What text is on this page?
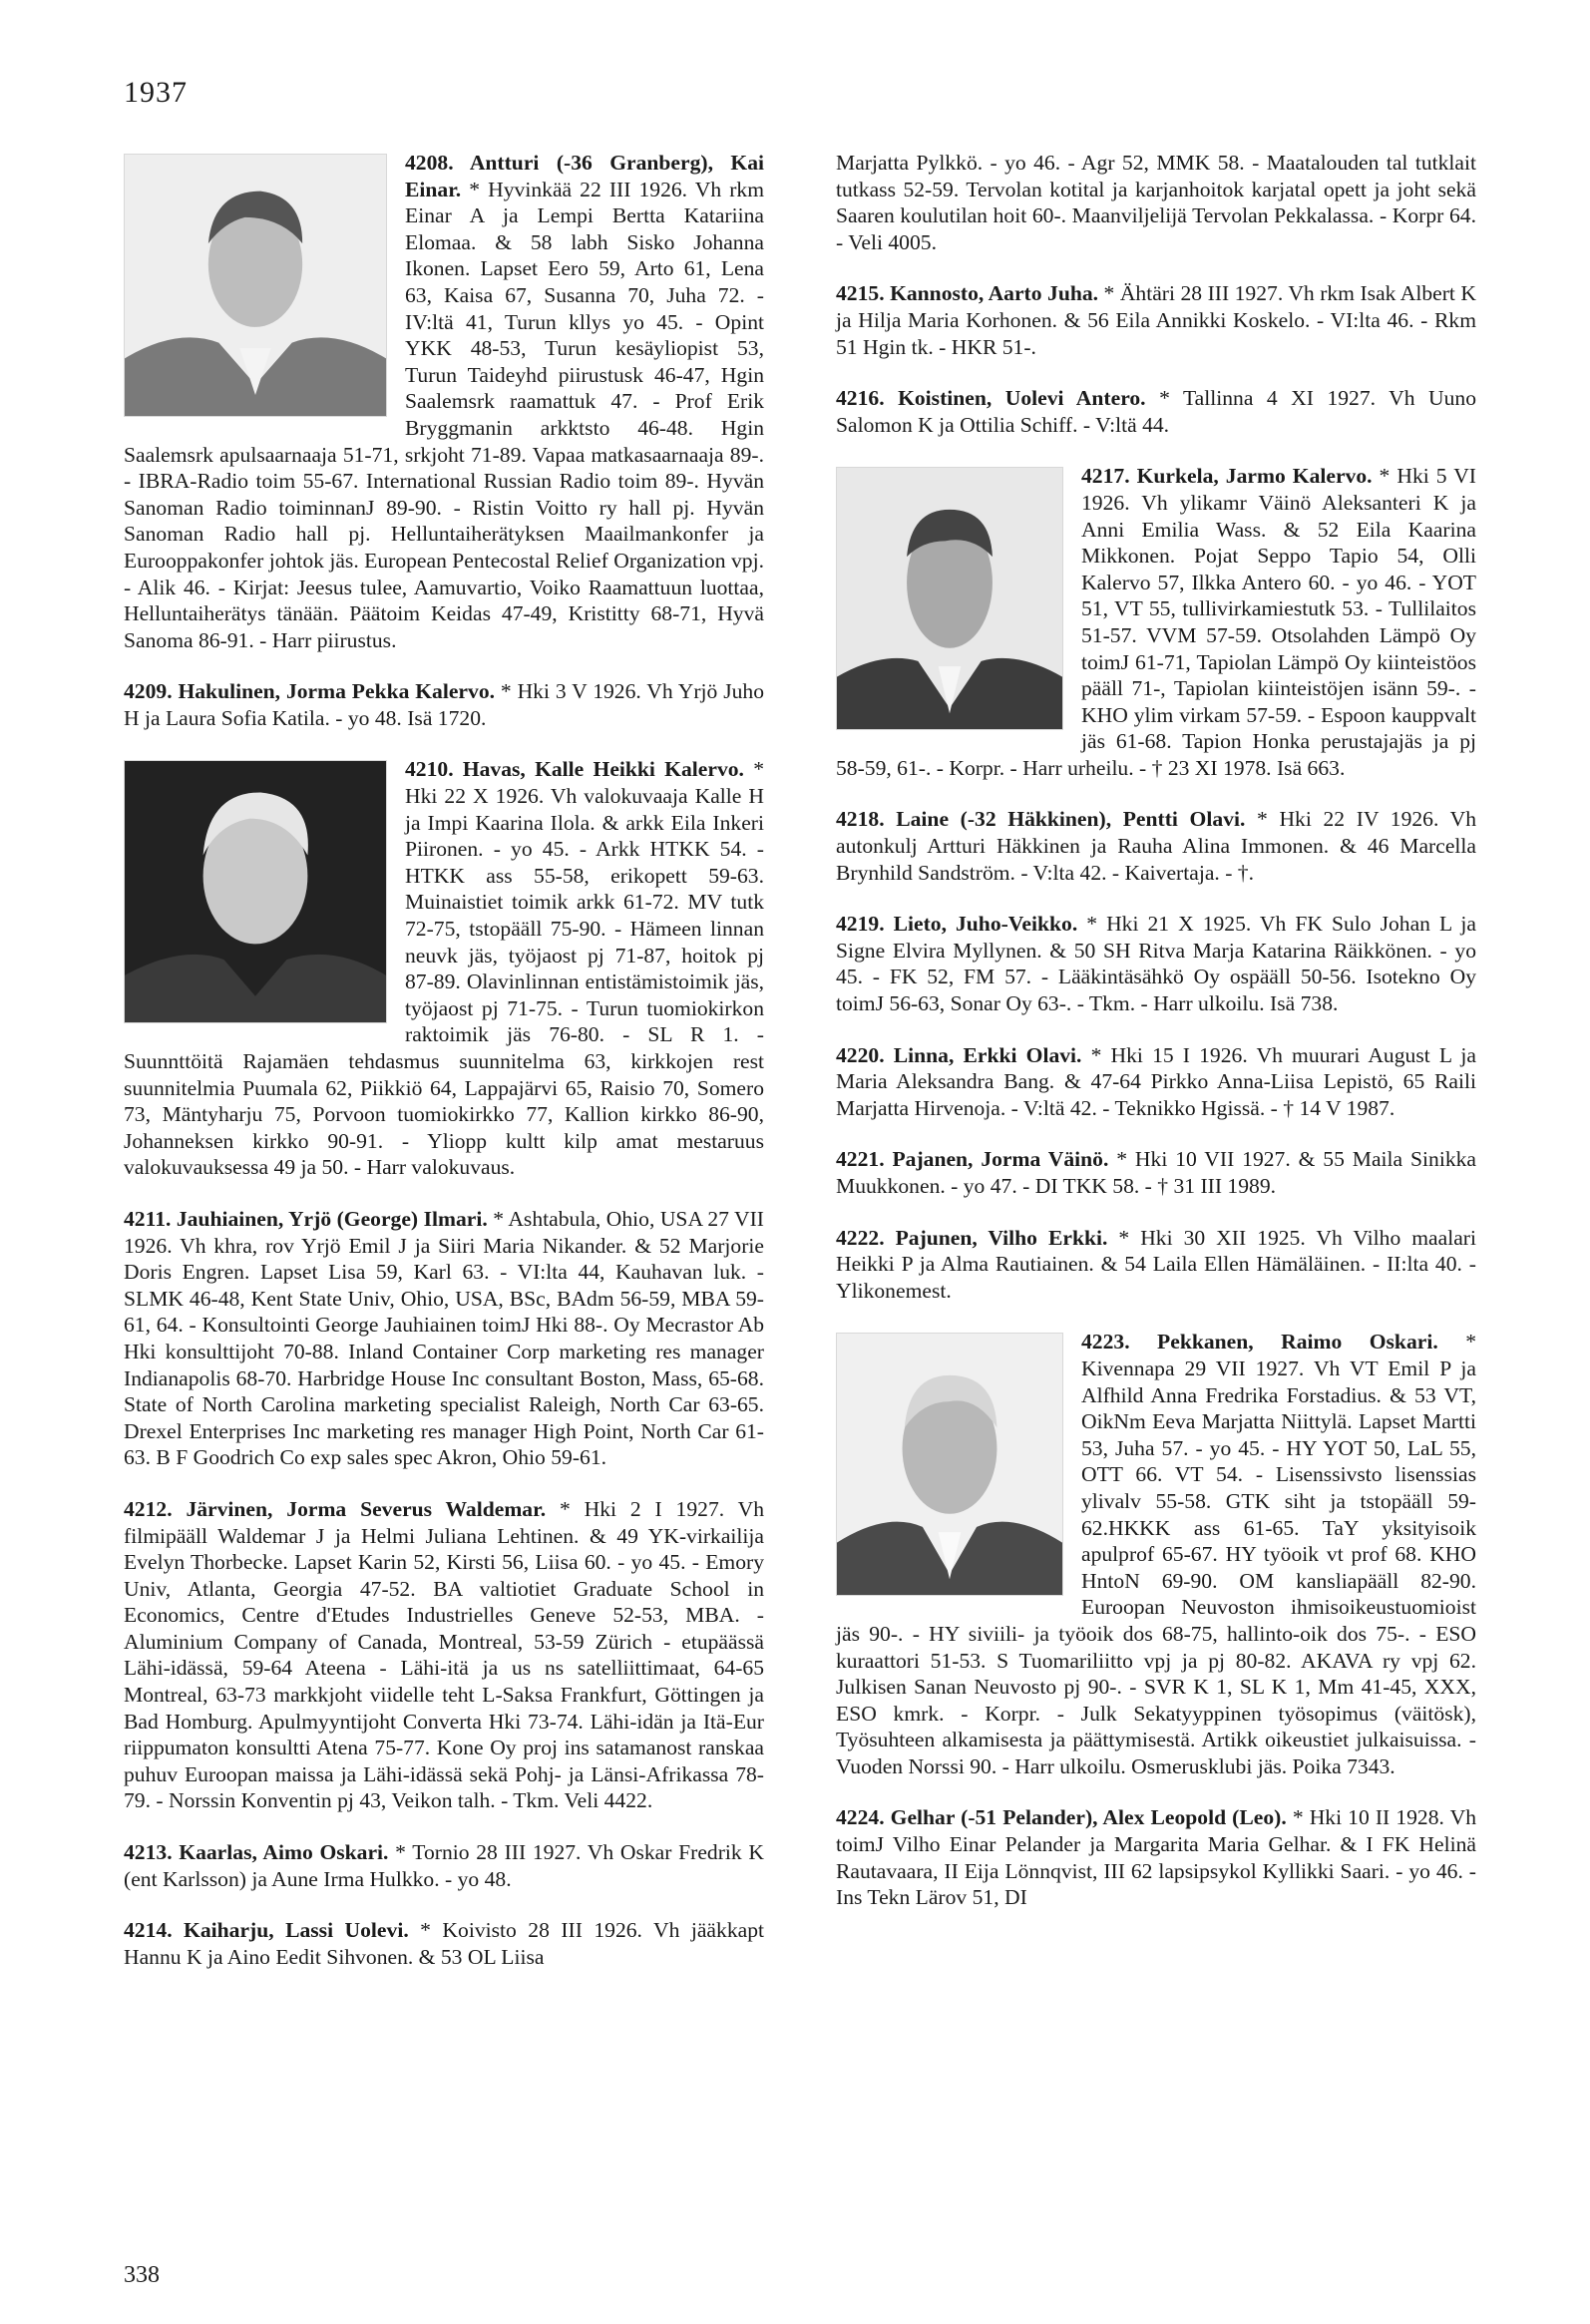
1937
4208. Antturi (-36 Granberg), Kai Einar. * Hyvinkää 22 III 1926. Vh rkm Einar A ja Lempi Bertta Katariina Elomaa. & 58 labh Sisko Johanna Ikonen. Lapset Eero 59, Arto 61, Lena 63, Kaisa 67, Susanna 70, Juha 72. - IV:ltä 41, Turun kllys yo 45. - Opint YKK 48-53, Turun kesäyliopist 53, Turun Taideyhd piirustusk 46-47, Hgin Saalemsrk raamattuk 47. - Prof Erik Bryggmanin arkktsto 46-48. Hgin Saalemsrk apulsaarnaaja 51-71, srkjoht 71-89. Vapaa matkasaarnaaja 89-. - IBRA-Radio toim 55-67. International Russian Radio toim 89-. Hyvän Sanoman Radio toiminnanJ 89-90. - Ristin Voitto ry hall pj. Hyvän Sanoman Radio hall pj. Helluntaiherätyksen Maailmankonfer ja Eurooppakonfer johtok jäs. European Pentecostal Relief Organization vpj. - Alik 46. - Kirjat: Jeesus tulee, Aamuvartio, Voiko Raamattuun luottaa, Helluntaiherätys tänään. Päätoim Keidas 47-49, Kristitty 68-71, Hyvä Sanoma 86-91. - Harr piirustus.
4209. Hakulinen, Jorma Pekka Kalervo. * Hki 3 V 1926. Vh Yrjö Juho H ja Laura Sofia Katila. - yo 48. Isä 1720.
4210. Havas, Kalle Heikki Kalervo. * Hki 22 X 1926. Vh valokuvaaja Kalle H ja Impi Kaarina Ilola. & arkk Eila Inkeri Piironen. - yo 45. - Arkk HTKK 54. - HTKK ass 55-58, erikopett 59-63. Muinaistiet toimik arkk 61-72. MV tutk 72-75, tstopääll 75-90. - Hämeen linnan neuvk jäs, työjaost pj 71-87, hoitok pj 87-89. Olavinlinnan entistämistoimik jäs, työjaost pj 71-75. - Turun tuomiokirkon raktoimik jäs 76-80. - SL R 1. - Suunnttöitä Rajamäen tehdasmus suunnitelma 63, kirkkojen rest suunnitelmia Puumala 62, Piikkiö 64, Lappajärvi 65, Raisio 70, Somero 73, Mäntyharju 75, Porvoon tuomiokirkko 77, Kallion kirkko 86-90, Johanneksen kirkko 90-91. - Yliopp kultt kilp amat mestaruus valokuvauksessa 49 ja 50. - Harr valokuvaus.
4211. Jauhiainen, Yrjö (George) Ilmari. * Ashtabula, Ohio, USA 27 VII 1926. Vh khra, rov Yrjö Emil J ja Siiri Maria Nikander. & 52 Marjorie Doris Engren. Lapset Lisa 59, Karl 63. - VI:lta 44, Kauhavan luk. - SLMK 46-48, Kent State Univ, Ohio, USA, BSc, BAdm 56-59, MBA 59-61, 64. - Konsultointi George Jauhiainen toimJ Hki 88-. Oy Mecrastor Ab Hki konsulttijoht 70-88. Inland Container Corp marketing res manager Indianapolis 68-70. Harbridge House Inc consultant Boston, Mass, 65-68. State of North Carolina marketing specialist Raleigh, North Car 63-65. Drexel Enterprises Inc marketing res manager High Point, North Car 61-63. B F Goodrich Co exp sales spec Akron, Ohio 59-61.
4212. Järvinen, Jorma Severus Waldemar. * Hki 2 I 1927. Vh filmipääll Waldemar J ja Helmi Juliana Lehtinen. & 49 YK-virkailija Evelyn Thorbecke. Lapset Karin 52, Kirsti 56, Liisa 60. - yo 45. - Emory Univ, Atlanta, Georgia 47-52. BA valtiotiet Graduate School in Economics, Centre d'Etudes Industrielles Geneve 52-53, MBA. - Aluminium Company of Canada, Montreal, 53-59 Zürich - etupäässä Lähi-idässä, 59-64 Ateena - Lähi-itä ja us ns satelliittimaat, 64-65 Montreal, 63-73 markkjoht viidelle teht L-Saksa Frankfurt, Göttingen ja Bad Homburg. Apulmyyntijoht Converta Hki 73-74. Lähi-idän ja Itä-Eur riippumaton konsultti Atena 75-77. Kone Oy proj ins satamanost ranskaa puhuv Euroopan maissa ja Lähi-idässä sekä Pohj- ja Länsi-Afrikassa 78-79. - Norssin Konventin pj 43, Veikon talh. - Tkm. Veli 4422.
4213. Kaarlas, Aimo Oskari. * Tornio 28 III 1927. Vh Oskar Fredrik K (ent Karlsson) ja Aune Irma Hulkko. - yo 48.
4214. Kaiharju, Lassi Uolevi. * Koivisto 28 III 1926. Vh jääkkapt Hannu K ja Aino Eedit Sihvonen. & 53 OL Liisa
Marjatta Pylkkö. - yo 46. - Agr 52, MMK 58. - Maatalouden tal tutklait tutkass 52-59. Tervolan kotital ja karjanhoitok karjatal opett ja joht sekä Saaren koulutilan hoit 60-. Maanviljelijä Tervolan Pekkalassa. - Korpr 64. - Veli 4005.
4215. Kannosto, Aarto Juha. * Ähtäri 28 III 1927. Vh rkm Isak Albert K ja Hilja Maria Korhonen. & 56 Eila Annikki Koskelo. - VI:lta 46. - Rkm 51 Hgin tk. - HKR 51-.
4216. Koistinen, Uolevi Antero. * Tallinna 4 XI 1927. Vh Uuno Salomon K ja Ottilia Schiff. - V:ltä 44.
4217. Kurkela, Jarmo Kalervo. * Hki 5 VI 1926. Vh ylikamr Väinö Aleksanteri K ja Anni Emilia Wass. & 52 Eila Kaarina Mikkonen. Pojat Seppo Tapio 54, Olli Kalervo 57, Ilkka Antero 60. - yo 46. - YOT 51, VT 55, tullivirkamiestutk 53. - Tullilaitos 51-57. VVM 57-59. Otsolahden Lämpö Oy toimJ 61-71, Tapiolan Lämpö Oy kiinteistöos pääll 71-, Tapiolan kiinteistöjen isänn 59-. - KHO ylim virkam 57-59. - Espoon kauppvalt jäs 61-68. Tapion Honka perustajajäs ja pj 58-59, 61-. - Korpr. - Harr urheilu. - † 23 XI 1978. Isä 663.
4218. Laine (-32 Häkkinen), Pentti Olavi. * Hki 22 IV 1926. Vh autonkulj Artturi Häkkinen ja Rauha Alina Immonen. & 46 Marcella Brynhild Sandström. - V:lta 42. - Kaivertaja. - †.
4219. Lieto, Juho-Veikko. * Hki 21 X 1925. Vh FK Sulo Johan L ja Signe Elvira Myllynen. & 50 SH Ritva Marja Katarina Räikkönen. - yo 45. - FK 52, FM 57. - Lääkintäsähkö Oy ospääll 50-56. Isotekno Oy toimJ 56-63, Sonar Oy 63-. - Tkm. - Harr ulkoilu. Isä 738.
4220. Linna, Erkki Olavi. * Hki 15 I 1926. Vh muurari August L ja Maria Aleksandra Bang. & 47-64 Pirkko Anna-Liisa Lepistö, 65 Raili Marjatta Hirvenoja. - V:ltä 42. - Teknikko Hgissä. - † 14 V 1987.
4221. Pajanen, Jorma Väinö. * Hki 10 VII 1927. & 55 Maila Sinikka Muukkonen. - yo 47. - DI TKK 58. - † 31 III 1989.
4222. Pajunen, Vilho Erkki. * Hki 30 XII 1925. Vh Vilho maalari Heikki P ja Alma Rautiainen. & 54 Laila Ellen Hämäläinen. - II:lta 40. - Ylikonemest.
4223. Pekkanen, Raimo Oskari. * Kivennapa 29 VII 1927. Vh VT Emil P ja Alfhild Anna Fredrika Forstadius. & 53 VT, OikNm Eeva Marjatta Niittylä. Lapset Martti 53, Juha 57. - yo 45. - HY YOT 50, LaL 55, OTT 66. VT 54. - Lisenssivsto lisenssias ylivalv 55-58. GTK siht ja tstopääll 59-62.HKKK ass 61-65. TaY yksityisoik apulprof 65-67. HY työoik vt prof 68. KHO HntoN 69-90. OM kansliapääll 82-90. Euroopan Neuvoston ihmisoikeustuomioist jäs 90-. - HY siviili- ja työoik dos 68-75, hallinto-oik dos 75-. - ESO kuraattori 51-53. S Tuomariliitto vpj ja pj 80-82. AKAVA ry vpj 62. Julkisen Sanan Neuvosto pj 90-. - SVR K 1, SL K 1, Mm 41-45, XXX, ESO kmrk. - Korpr. - Julk Sekatyyppinen työsopimus (väitösk), Työsuhteen alkamisesta ja päättymisestä. Artikk oikeustiet julkaisuissa. - Vuoden Norssi 90. - Harr ulkoilu. Osmerusklubi jäs. Poika 7343.
4224. Gelhar (-51 Pelander), Alex Leopold (Leo). * Hki 10 II 1928. Vh toimJ Vilho Einar Pelander ja Margarita Maria Gelhar. & I FK Helinä Rautavaara, II Eija Lönnqvist, III 62 lapsipsykol Kyllikki Saari. - yo 46. - Ins Tekn Lärov 51, DI
338
